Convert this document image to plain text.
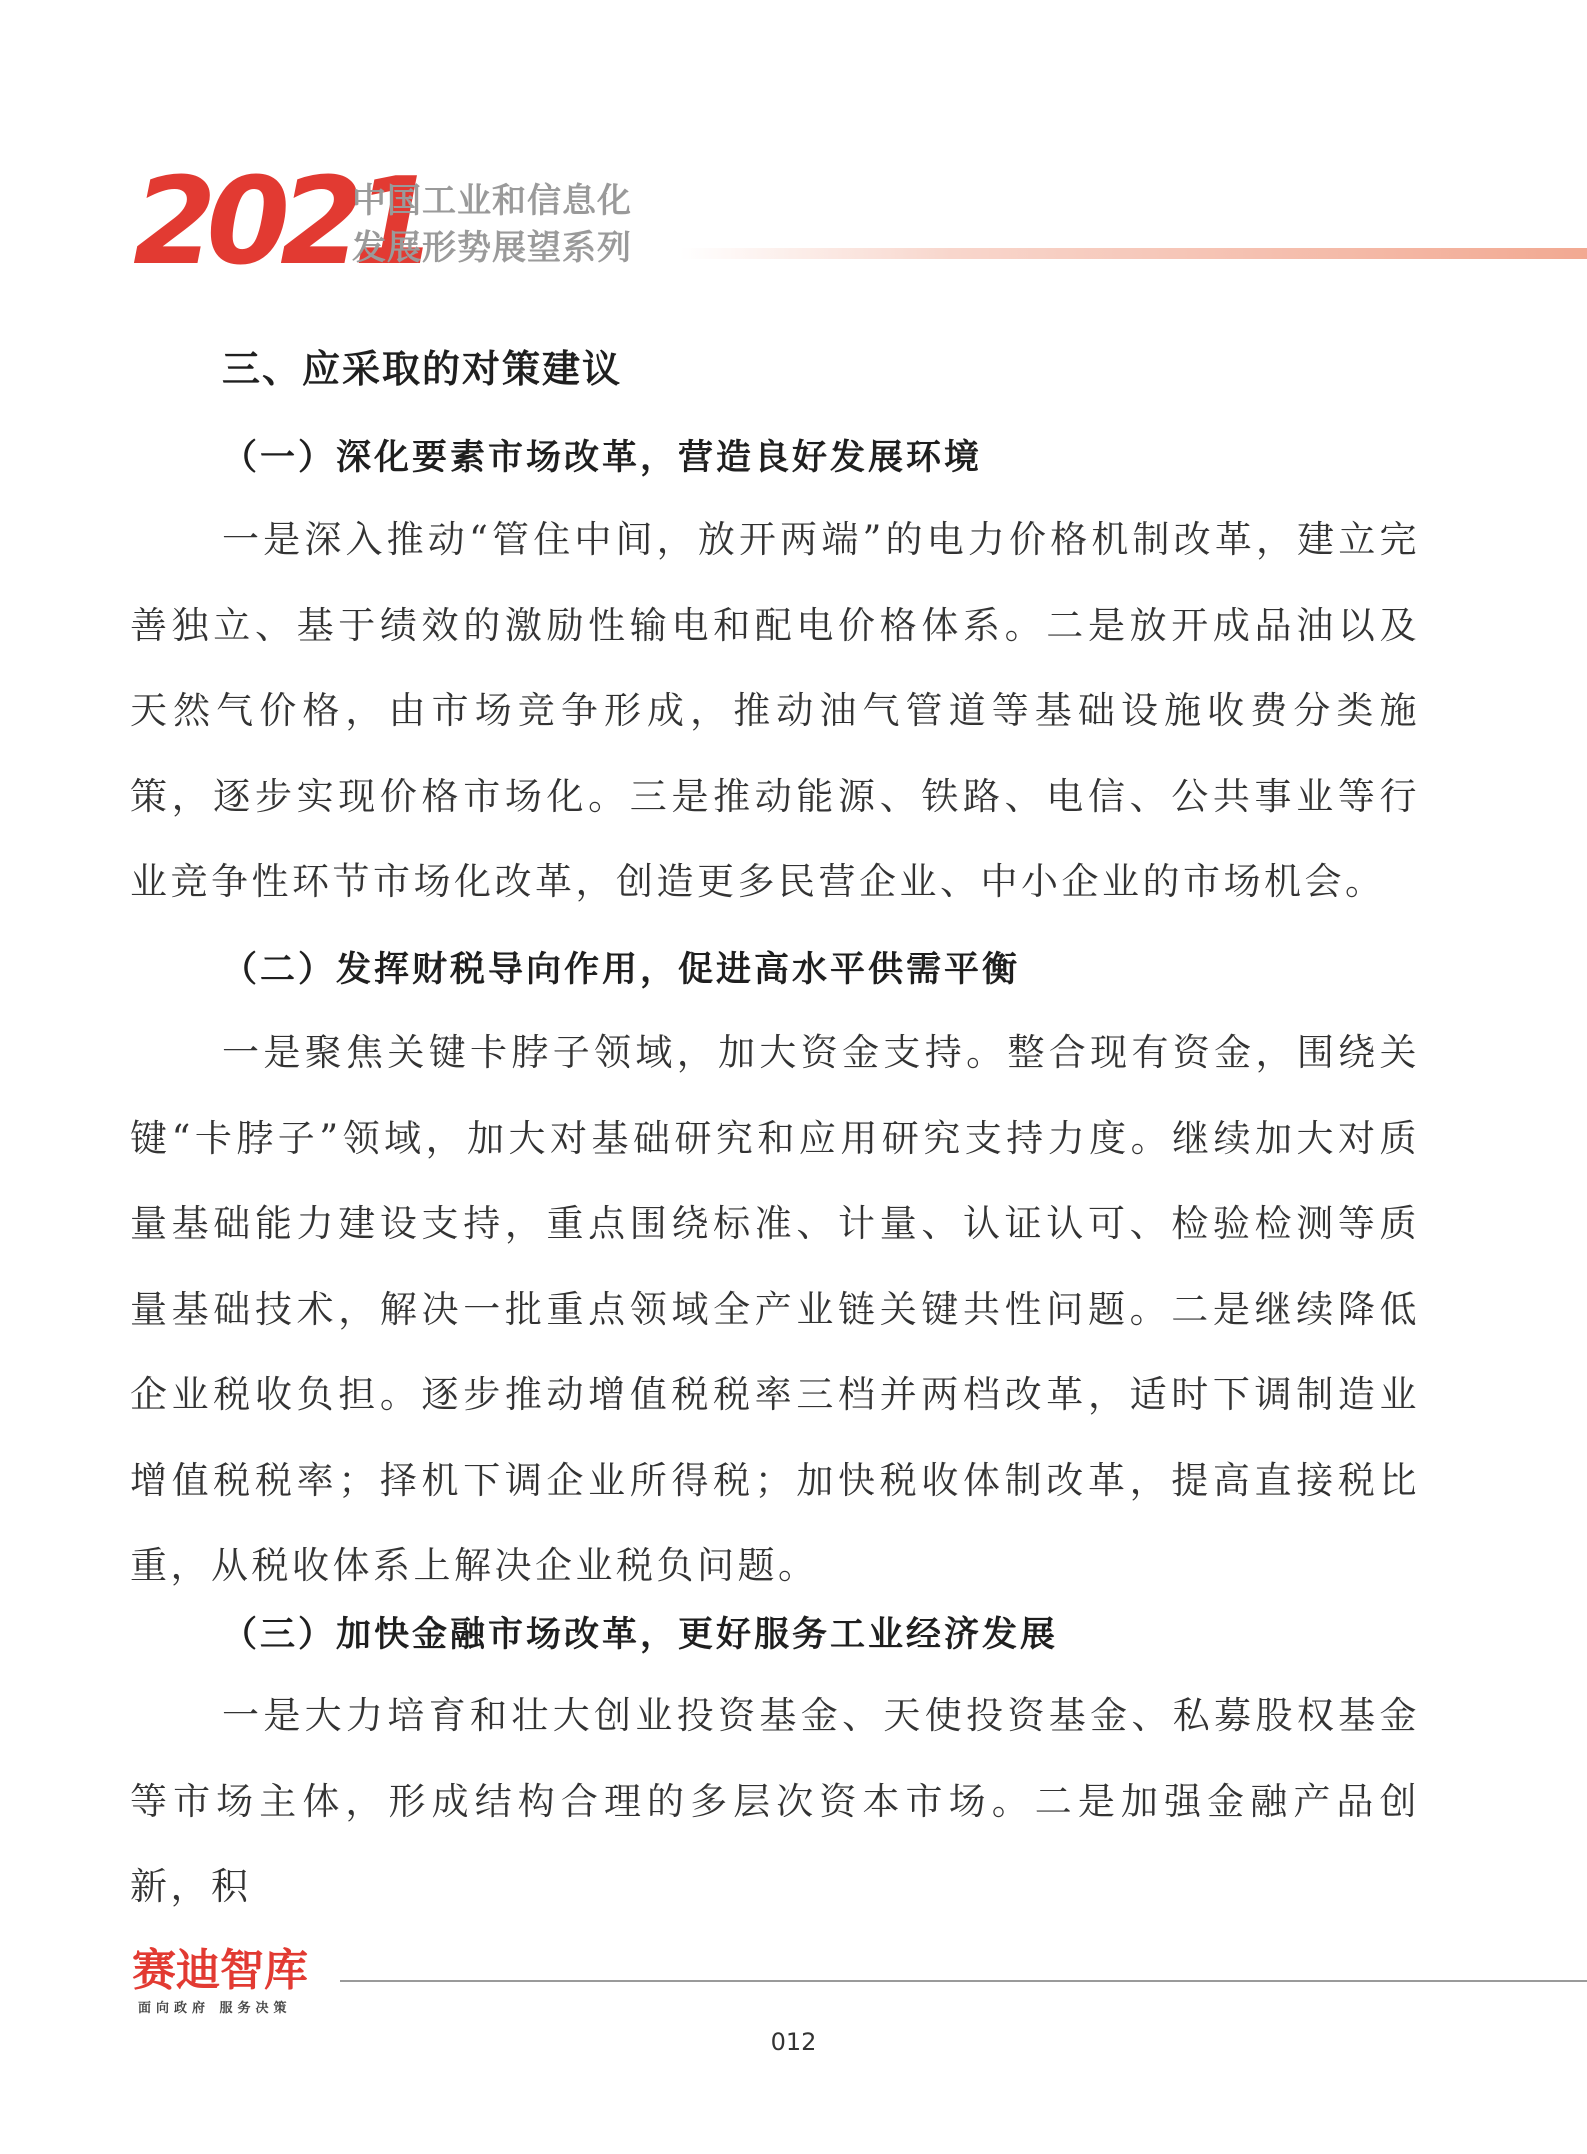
2021
中国工业和信息化
发展形势展望系列
三、应采取的对策建议
（一）深化要素市场改革，营造良好发展环境
一是深入推动“管住中间，放开两端”的电力价格机制改革，建立完善独立、基于绩效的激励性输电和配电价格体系。二是放开成品油以及天然气价格，由市场竞争形成，推动油气管道等基础设施收费分类施策，逐步实现价格市场化。三是推动能源、铁路、电信、公共事业等行业竞争性环节市场化改革，创造更多民营企业、中小企业的市场机会。
（二）发挥财税导向作用，促进高水平供需平衡
一是聚焦关键卡脖子领域，加大资金支持。整合现有资金，围绕关键“卡脖子”领域，加大对基础研究和应用研究支持力度。继续加大对质量基础能力建设支持，重点围绕标准、计量、认证认可、检验检测等质量基础技术，解决一批重点领域全产业链关键共性问题。二是继续降低企业税收负担。逐步推动增值税税率三档并两档改革，适时下调制造业增值税税率；择机下调企业所得税；加快税收体制改革，提高直接税比重，从税收体系上解决企业税负问题。
（三）加快金融市场改革，更好服务工业经济发展
一是大力培育和壮大创业投资基金、天使投资基金、私募股权基金等市场主体，形成结构合理的多层次资本市场。二是加强金融产品创新，积
赛迪智库
面向政府 服务决策
012
